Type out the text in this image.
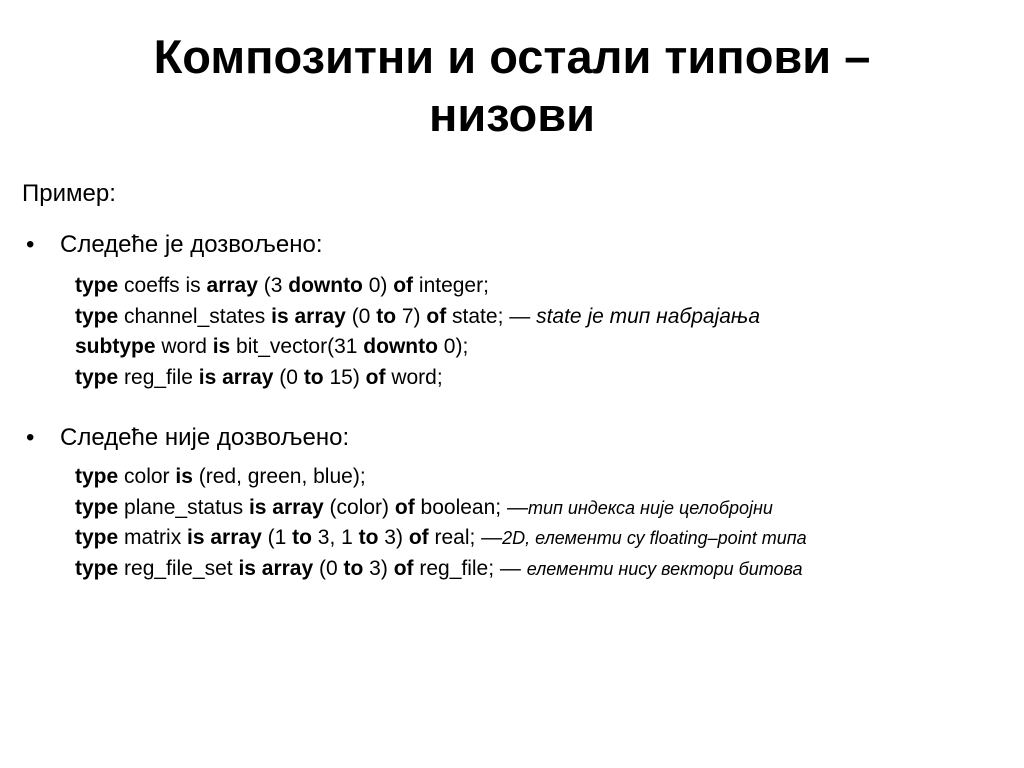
Композитни и остали типови –
низови
Пример:
• Следеће је дозвољено:
type coeffs is array (3 downto 0) of integer;
type channel_states is array (0 to 7) of state; — state је тип набрајања
subtype word is bit_vector(31 downto 0);
type reg_file is array (0 to 15) of word;
• Следеће није дозвољено:
type color is (red, green, blue);
type plane_status is array (color) of boolean; —тип индекса није целобројни
type matrix is array (1 to 3, 1 to 3) of real; —2D, елементи су floating–point типа
type reg_file_set is array (0 to 3) of reg_file; — елементи нису вектори битова
